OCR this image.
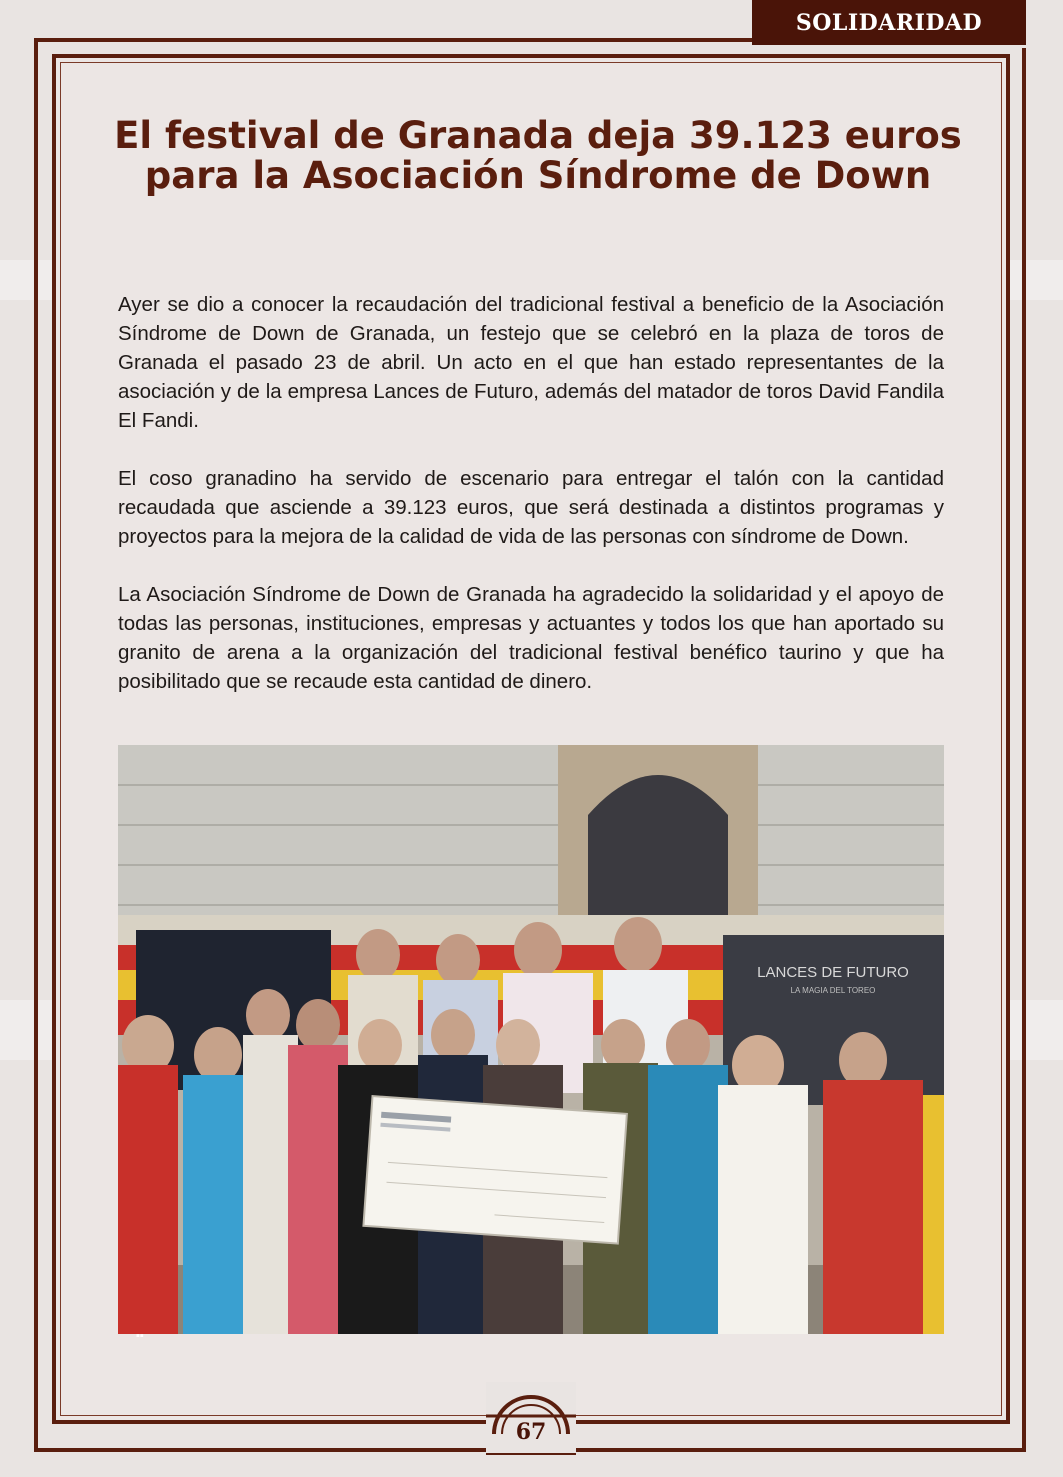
SOLIDARIDAD
El festival de Granada deja 39.123 euros para la Asociación Síndrome de Down

Ayer se dio a conocer la recaudación del tradicional festival a beneficio de la Asociación Síndrome de Down de Granada, un festejo que se celebró en la plaza de toros de Granada el pasado 23 de abril. Un acto en el que han estado representantes de la asociación y de la empresa Lances de Futuro, además del matador de toros David Fandila El Fandi.

El coso granadino ha servido de escenario para entregar el talón con la cantidad recaudada que asciende a 39.123 euros, que será destinada a distintos programas y proyectos para la mejora de la calidad de vida de las personas con síndrome de Down.

La Asociación Síndrome de Down de Granada ha agradecido la solidaridad y el apoyo de todas las personas, instituciones, empresas y actuantes y todos los que han aportado su granito de arena a la organización del tradicional festival benéfico taurino y que ha posibilitado que se recaude esta cantidad de dinero.

LANCES DE FUTURO
LA MAGIA DEL TOREO
▪▪
67
